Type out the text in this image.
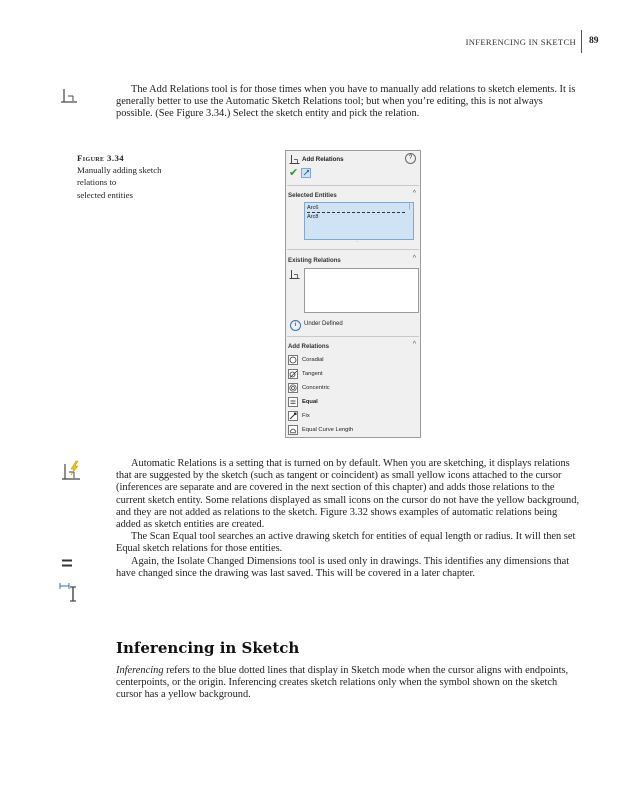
INFERENCING IN SKETCH 89

The Add Relations tool is for those times when you have to manually add relations to sketch elements. It is generally better to use the Automatic Sketch Relations tool; but when you’re editing, this is not always possible. (See Figure 3.34.) Select the sketch entity and pick the relation.

Figure 3.34
Manually adding sketch
relations to
selected entities
Add Relations	?
✔
Selected Entities	^
Arc6
Arc8
|
◦
Existing Relations	^
i	Under Defined
Add Relations	^
Coradial
Tangent
Concentric
Equal
Fix
Equal Curve Length

Automatic Relations is a setting that is turned on by default. When you are sketching, it displays relations that are suggested by the sketch (such as tangent or coincident) as small yellow icons attached to the cursor (inferences are separate and are covered in the next section of this chapter) and adds those relations to the current sketch entity. Some relations displayed as small icons on the cursor do not have the yellow background, and they are not added as relations to the sketch. Figure 3.32 shows examples of automatic relations being added as sketch entities are created.

The Scan Equal tool searches an active drawing sketch for entities of equal length or radius. It will then set Equal sketch relations for those entities.

Again, the Isolate Changed Dimensions tool is used only in drawings. This identifies any dimensions that have changed since the drawing was last saved. This will be covered in a later chapter.

Inferencing in Sketch

Inferencing refers to the blue dotted lines that display in Sketch mode when the cursor aligns with endpoints, centerpoints, or the origin. Inferencing creates sketch relations only when the symbol shown on the sketch cursor has a yellow background.
